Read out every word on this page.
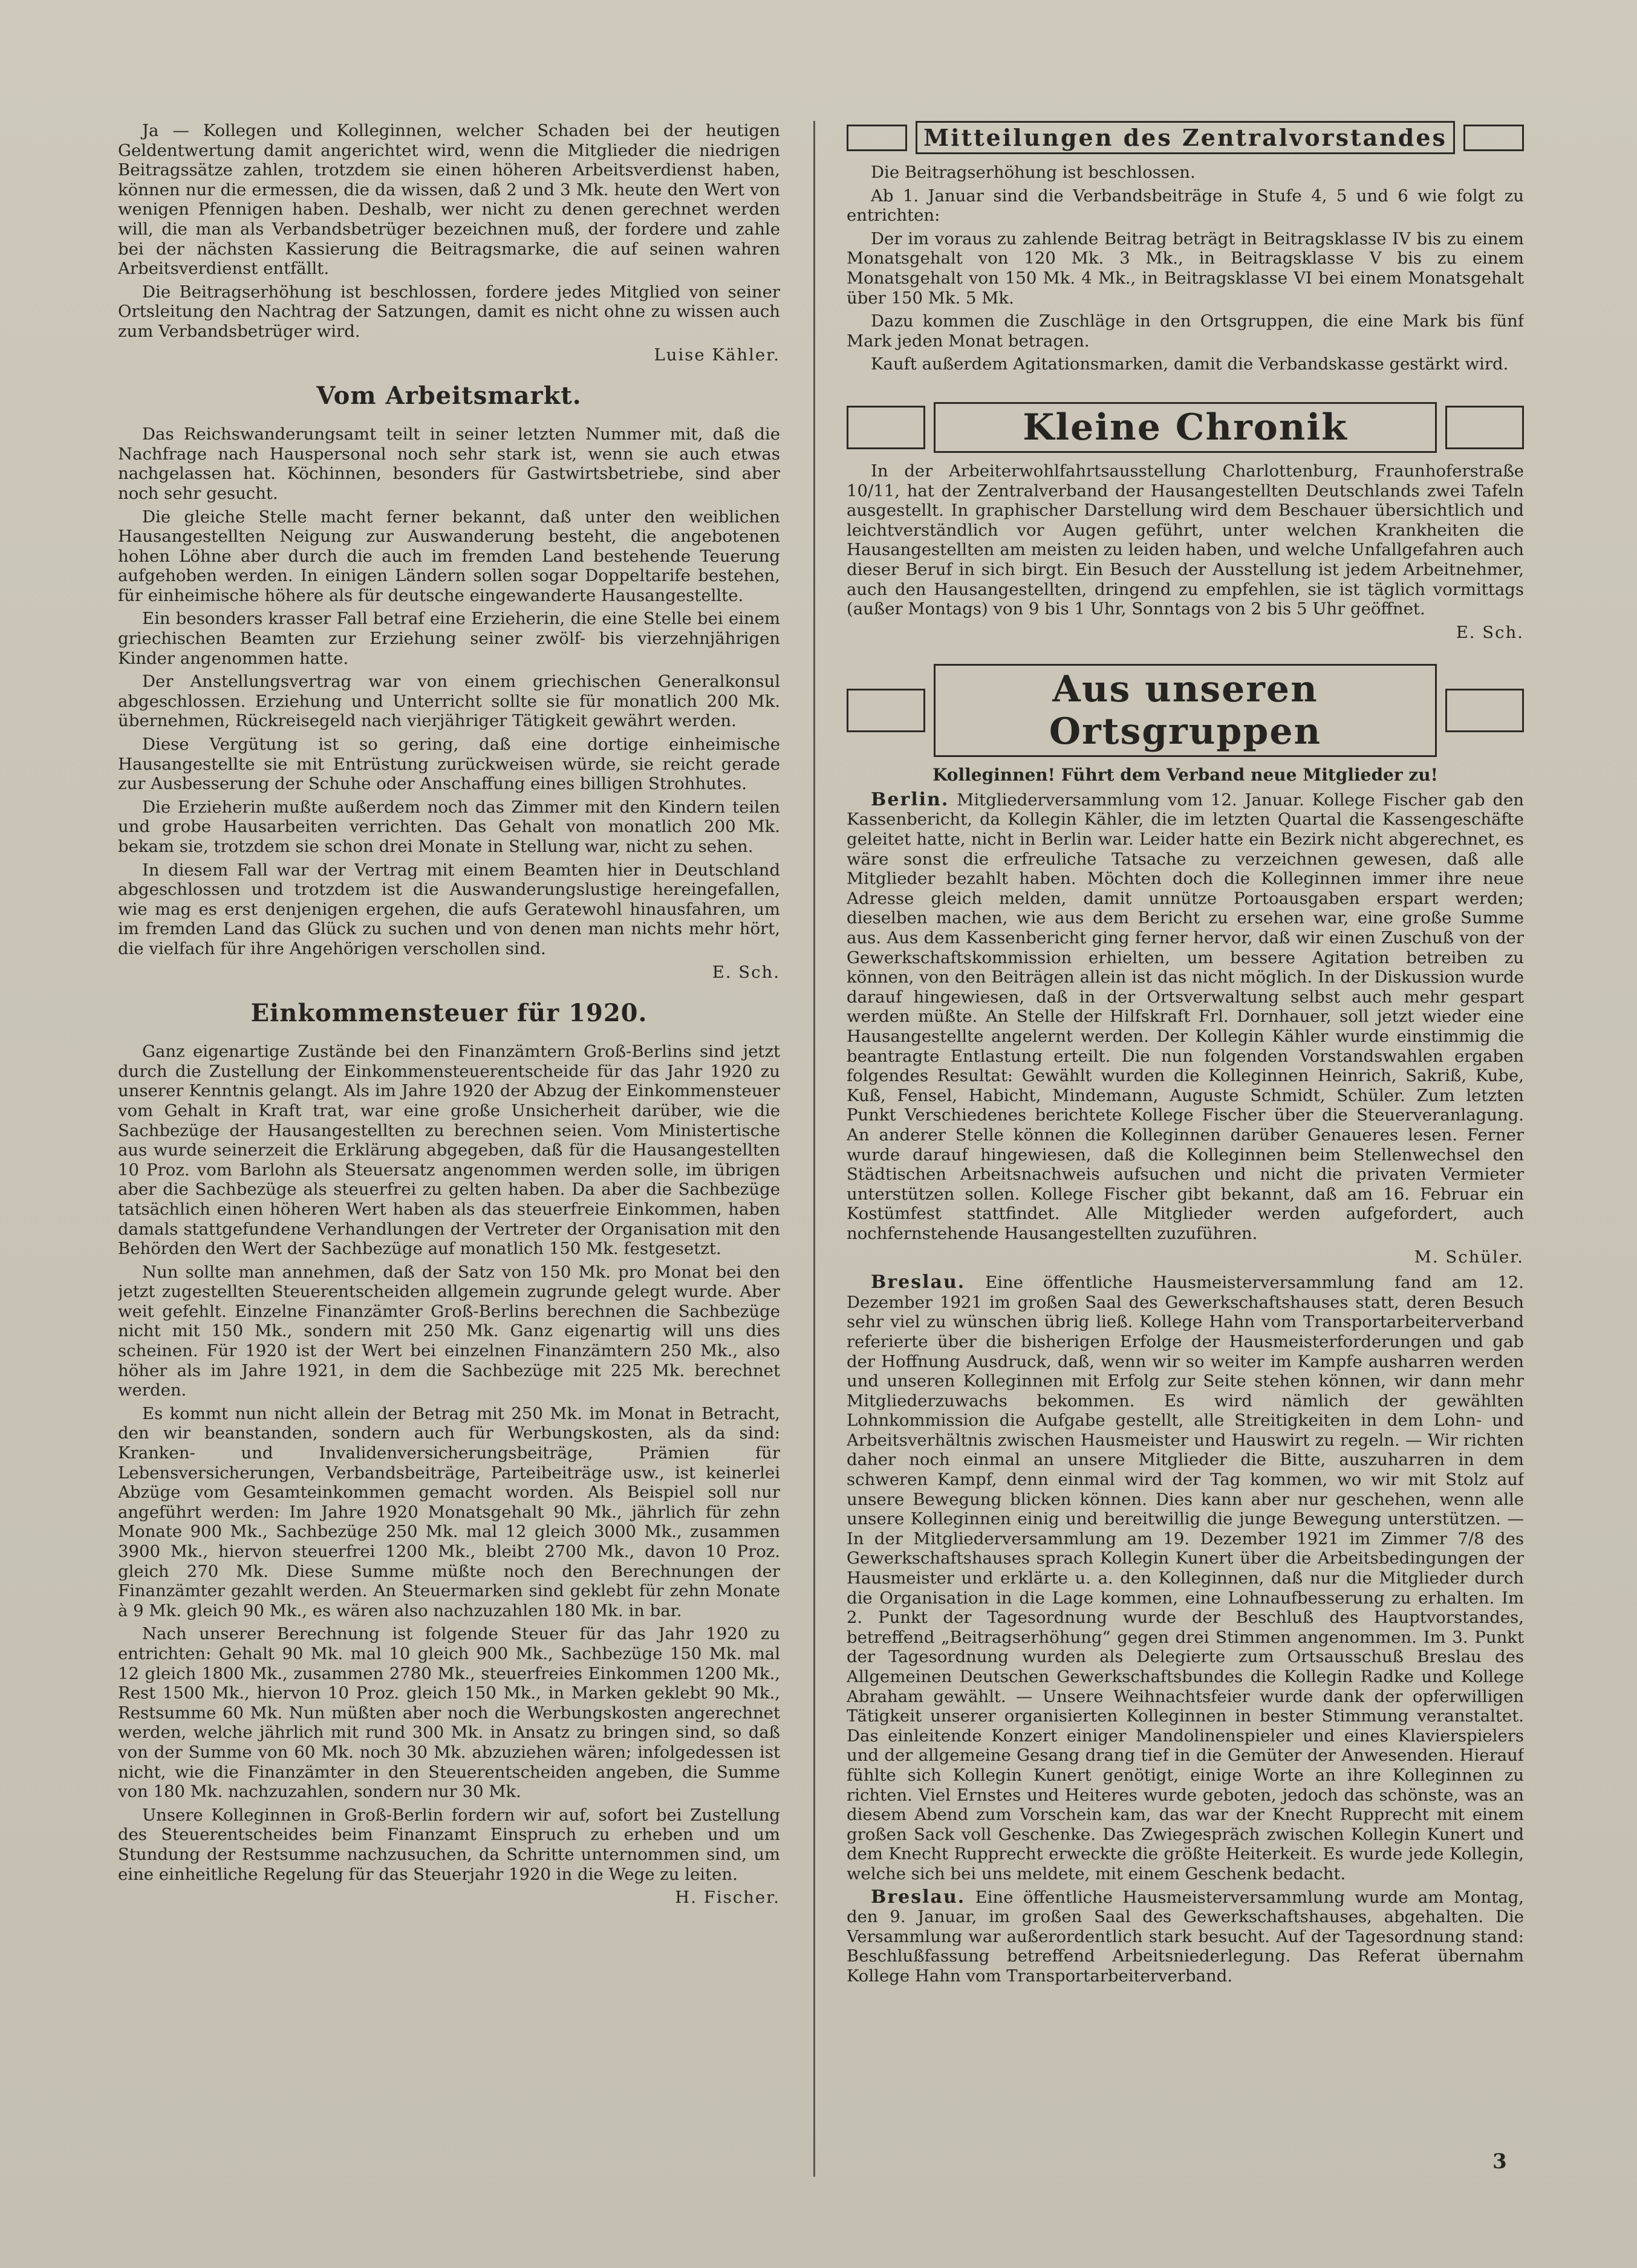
Ja — Kollegen und Kolleginnen, welcher Schaden bei der heutigen Geldentwertung damit angerichtet wird, wenn die Mitglieder die niedrigen Beitragssätze zahlen, trotzdem sie einen höheren Arbeitsverdienst haben, können nur die ermessen, die da wissen, daß 2 und 3 Mk. heute den Wert von wenigen Pfennigen haben. Deshalb, wer nicht zu denen gerechnet werden will, die man als Verbandsbetrüger bezeichnen muß, der fordere und zahle bei der nächsten Kassierung die Beitragsmarke, die auf seinen wahren Arbeitsverdienst entfällt.

Die Beitragserhöhung ist beschlossen, fordere jedes Mitglied von seiner Ortsleitung den Nachtrag der Satzungen, damit es nicht ohne zu wissen auch zum Verbandsbetrüger wird.

Luise Kähler.

Vom Arbeitsmarkt.

Das Reichswanderungsamt teilt in seiner letzten Nummer mit, daß die Nachfrage nach Hauspersonal noch sehr stark ist, wenn sie auch etwas nachgelassen hat. Köchinnen, besonders für Gastwirtsbetriebe, sind aber noch sehr gesucht.

Die gleiche Stelle macht ferner bekannt, daß unter den weiblichen Hausangestellten Neigung zur Auswanderung besteht, die angebotenen hohen Löhne aber durch die auch im fremden Land bestehende Teuerung aufgehoben werden. In einigen Ländern sollen sogar Doppeltarife bestehen, für einheimische höhere als für deutsche eingewanderte Hausangestellte.

Ein besonders krasser Fall betraf eine Erzieherin, die eine Stelle bei einem griechischen Beamten zur Erziehung seiner zwölf- bis vierzehnjährigen Kinder angenommen hatte.

Der Anstellungsvertrag war von einem griechischen Generalkonsul abgeschlossen. Erziehung und Unterricht sollte sie für monatlich 200 Mk. übernehmen, Rückreisegeld nach vierjähriger Tätigkeit gewährt werden.

Diese Vergütung ist so gering, daß eine dortige einheimische Hausangestellte sie mit Entrüstung zurückweisen würde, sie reicht gerade zur Ausbesserung der Schuhe oder Anschaffung eines billigen Strohhutes.

Die Erzieherin mußte außerdem noch das Zimmer mit den Kindern teilen und grobe Hausarbeiten verrichten. Das Gehalt von monatlich 200 Mk. bekam sie, trotzdem sie schon drei Monate in Stellung war, nicht zu sehen.

In diesem Fall war der Vertrag mit einem Beamten hier in Deutschland abgeschlossen und trotzdem ist die Auswanderungslustige hereingefallen, wie mag es erst denjenigen ergehen, die aufs Geratewohl hinausfahren, um im fremden Land das Glück zu suchen und von denen man nichts mehr hört, die vielfach für ihre Angehörigen verschollen sind.

E. Sch.

Einkommensteuer für 1920.

Ganz eigenartige Zustände bei den Finanzämtern Groß-Berlins sind jetzt durch die Zustellung der Einkommensteuerentscheide für das Jahr 1920 zu unserer Kenntnis gelangt. Als im Jahre 1920 der Abzug der Einkommensteuer vom Gehalt in Kraft trat, war eine große Unsicherheit darüber, wie die Sachbezüge der Hausangestellten zu berechnen seien. Vom Ministertische aus wurde seinerzeit die Erklärung abgegeben, daß für die Hausangestellten 10 Proz. vom Barlohn als Steuersatz angenommen werden solle, im übrigen aber die Sachbezüge als steuerfrei zu gelten haben. Da aber die Sachbezüge tatsächlich einen höheren Wert haben als das steuerfreie Einkommen, haben damals stattgefundene Verhandlungen der Vertreter der Organisation mit den Behörden den Wert der Sachbezüge auf monatlich 150 Mk. festgesetzt.

Nun sollte man annehmen, daß der Satz von 150 Mk. pro Monat bei den jetzt zugestellten Steuerentscheiden allgemein zugrunde gelegt wurde. Aber weit gefehlt. Einzelne Finanzämter Groß-Berlins berechnen die Sachbezüge nicht mit 150 Mk., sondern mit 250 Mk. Ganz eigenartig will uns dies scheinen. Für 1920 ist der Wert bei einzelnen Finanzämtern 250 Mk., also höher als im Jahre 1921, in dem die Sachbezüge mit 225 Mk. berechnet werden.

Es kommt nun nicht allein der Betrag mit 250 Mk. im Monat in Betracht, den wir beanstanden, sondern auch für Werbungskosten, als da sind: Kranken- und Invalidenversicherungsbeiträge, Prämien für Lebensversicherungen, Verbandsbeiträge, Parteibeiträge usw., ist keinerlei Abzüge vom Gesamteinkommen gemacht worden. Als Beispiel soll nur angeführt werden: Im Jahre 1920 Monatsgehalt 90 Mk., jährlich für zehn Monate 900 Mk., Sachbezüge 250 Mk. mal 12 gleich 3000 Mk., zusammen 3900 Mk., hiervon steuerfrei 1200 Mk., bleibt 2700 Mk., davon 10 Proz. gleich 270 Mk. Diese Summe müßte noch den Berechnungen der Finanzämter gezahlt werden. An Steuermarken sind geklebt für zehn Monate à 9 Mk. gleich 90 Mk., es wären also nachzuzahlen 180 Mk. in bar.

Nach unserer Berechnung ist folgende Steuer für das Jahr 1920 zu entrichten: Gehalt 90 Mk. mal 10 gleich 900 Mk., Sachbezüge 150 Mk. mal 12 gleich 1800 Mk., zusammen 2780 Mk., steuerfreies Einkommen 1200 Mk., Rest 1500 Mk., hiervon 10 Proz. gleich 150 Mk., in Marken geklebt 90 Mk., Restsumme 60 Mk. Nun müßten aber noch die Werbungskosten angerechnet werden, welche jährlich mit rund 300 Mk. in Ansatz zu bringen sind, so daß von der Summe von 60 Mk. noch 30 Mk. abzuziehen wären; infolgedessen ist nicht, wie die Finanzämter in den Steuerentscheiden angeben, die Summe von 180 Mk. nachzuzahlen, sondern nur 30 Mk.

Unsere Kolleginnen in Groß-Berlin fordern wir auf, sofort bei Zustellung des Steuerentscheides beim Finanzamt Einspruch zu erheben und um Stundung der Restsumme nachzusuchen, da Schritte unternommen sind, um eine einheitliche Regelung für das Steuerjahr 1920 in die Wege zu leiten.

H. Fischer.

Mitteilungen des Zentralvorstandes

Die Beitragserhöhung ist beschlossen.

Ab 1. Januar sind die Verbandsbeiträge in Stufe 4, 5 und 6 wie folgt zu entrichten:

Der im voraus zu zahlende Beitrag beträgt in Beitragsklasse IV bis zu einem Monatsgehalt von 120 Mk. 3 Mk., in Beitragsklasse V bis zu einem Monatsgehalt von 150 Mk. 4 Mk., in Beitragsklasse VI bei einem Monatsgehalt über 150 Mk. 5 Mk.

Dazu kommen die Zuschläge in den Ortsgruppen, die eine Mark bis fünf Mark jeden Monat betragen.

Kauft außerdem Agitationsmarken, damit die Verbandskasse gestärkt wird.

Kleine Chronik

In der Arbeiterwohlfahrtsausstellung Charlottenburg, Fraunhoferstraße 10/11, hat der Zentralverband der Hausangestellten Deutschlands zwei Tafeln ausgestellt. In graphischer Darstellung wird dem Beschauer übersichtlich und leichtverständlich vor Augen geführt, unter welchen Krankheiten die Hausangestellten am meisten zu leiden haben, und welche Unfallgefahren auch dieser Beruf in sich birgt. Ein Besuch der Ausstellung ist jedem Arbeitnehmer, auch den Hausangestellten, dringend zu empfehlen, sie ist täglich vormittags (außer Montags) von 9 bis 1 Uhr, Sonntags von 2 bis 5 Uhr geöffnet.

E. Sch.

Aus unseren Ortsgruppen

Kolleginnen! Führt dem Verband neue Mitglieder zu!

Berlin. Mitgliederversammlung vom 12. Januar. Kollege Fischer gab den Kassenbericht, da Kollegin Kähler, die im letzten Quartal die Kassengeschäfte geleitet hatte, nicht in Berlin war. Leider hatte ein Bezirk nicht abgerechnet, es wäre sonst die erfreuliche Tatsache zu verzeichnen gewesen, daß alle Mitglieder bezahlt haben. Möchten doch die Kolleginnen immer ihre neue Adresse gleich melden, damit unnütze Portoausgaben erspart werden; dieselben machen, wie aus dem Bericht zu ersehen war, eine große Summe aus. Aus dem Kassenbericht ging ferner hervor, daß wir einen Zuschuß von der Gewerkschaftskommission erhielten, um bessere Agitation betreiben zu können, von den Beiträgen allein ist das nicht möglich. In der Diskussion wurde darauf hingewiesen, daß in der Ortsverwaltung selbst auch mehr gespart werden müßte. An Stelle der Hilfskraft Frl. Dornhauer, soll jetzt wieder eine Hausangestellte angelernt werden. Der Kollegin Kähler wurde einstimmig die beantragte Entlastung erteilt. Die nun folgenden Vorstandswahlen ergaben folgendes Resultat: Gewählt wurden die Kolleginnen Heinrich, Sakriß, Kube, Kuß, Fensel, Habicht, Mindemann, Auguste Schmidt, Schüler. Zum letzten Punkt Verschiedenes berichtete Kollege Fischer über die Steuerveranlagung. An anderer Stelle können die Kolleginnen darüber Genaueres lesen. Ferner wurde darauf hingewiesen, daß die Kolleginnen beim Stellenwechsel den Städtischen Arbeitsnachweis aufsuchen und nicht die privaten Vermieter unterstützen sollen. Kollege Fischer gibt bekannt, daß am 16. Februar ein Kostümfest stattfindet. Alle Mitglieder werden aufgefordert, auch nochfernstehende Hausangestellten zuzuführen.

M. Schüler.

Breslau. Eine öffentliche Hausmeisterversammlung fand am 12. Dezember 1921 im großen Saal des Gewerkschaftshauses statt, deren Besuch sehr viel zu wünschen übrig ließ. Kollege Hahn vom Transportarbeiterverband referierte über die bisherigen Erfolge der Hausmeisterforderungen und gab der Hoffnung Ausdruck, daß, wenn wir so weiter im Kampfe ausharren werden und unseren Kolleginnen mit Erfolg zur Seite stehen können, wir dann mehr Mitgliederzuwachs bekommen. Es wird nämlich der gewählten Lohnkommission die Aufgabe gestellt, alle Streitigkeiten in dem Lohn- und Arbeitsverhältnis zwischen Hausmeister und Hauswirt zu regeln. — Wir richten daher noch einmal an unsere Mitglieder die Bitte, auszuharren in dem schweren Kampf, denn einmal wird der Tag kommen, wo wir mit Stolz auf unsere Bewegung blicken können. Dies kann aber nur geschehen, wenn alle unsere Kolleginnen einig und bereitwillig die junge Bewegung unterstützen. — In der Mitgliederversammlung am 19. Dezember 1921 im Zimmer 7/8 des Gewerkschaftshauses sprach Kollegin Kunert über die Arbeitsbedingungen der Hausmeister und erklärte u. a. den Kolleginnen, daß nur die Mitglieder durch die Organisation in die Lage kommen, eine Lohnaufbesserung zu erhalten. Im 2. Punkt der Tagesordnung wurde der Beschluß des Hauptvorstandes, betreffend „Beitragserhöhung“ gegen drei Stimmen angenommen. Im 3. Punkt der Tagesordnung wurden als Delegierte zum Ortsausschuß Breslau des Allgemeinen Deutschen Gewerkschaftsbundes die Kollegin Radke und Kollege Abraham gewählt. — Unsere Weihnachtsfeier wurde dank der opferwilligen Tätigkeit unserer organisierten Kolleginnen in bester Stimmung veranstaltet. Das einleitende Konzert einiger Mandolinenspieler und eines Klavierspielers und der allgemeine Gesang drang tief in die Gemüter der Anwesenden. Hierauf fühlte sich Kollegin Kunert genötigt, einige Worte an ihre Kolleginnen zu richten. Viel Ernstes und Heiteres wurde geboten, jedoch das schönste, was an diesem Abend zum Vorschein kam, das war der Knecht Rupprecht mit einem großen Sack voll Geschenke. Das Zwiegespräch zwischen Kollegin Kunert und dem Knecht Rupprecht erweckte die größte Heiterkeit. Es wurde jede Kollegin, welche sich bei uns meldete, mit einem Geschenk bedacht.

Breslau. Eine öffentliche Hausmeisterversammlung wurde am Montag, den 9. Januar, im großen Saal des Gewerkschaftshauses, abgehalten. Die Versammlung war außerordentlich stark besucht. Auf der Tagesordnung stand: Beschlußfassung betreffend Arbeitsniederlegung. Das Referat übernahm Kollege Hahn vom Transportarbeiterverband.

3
